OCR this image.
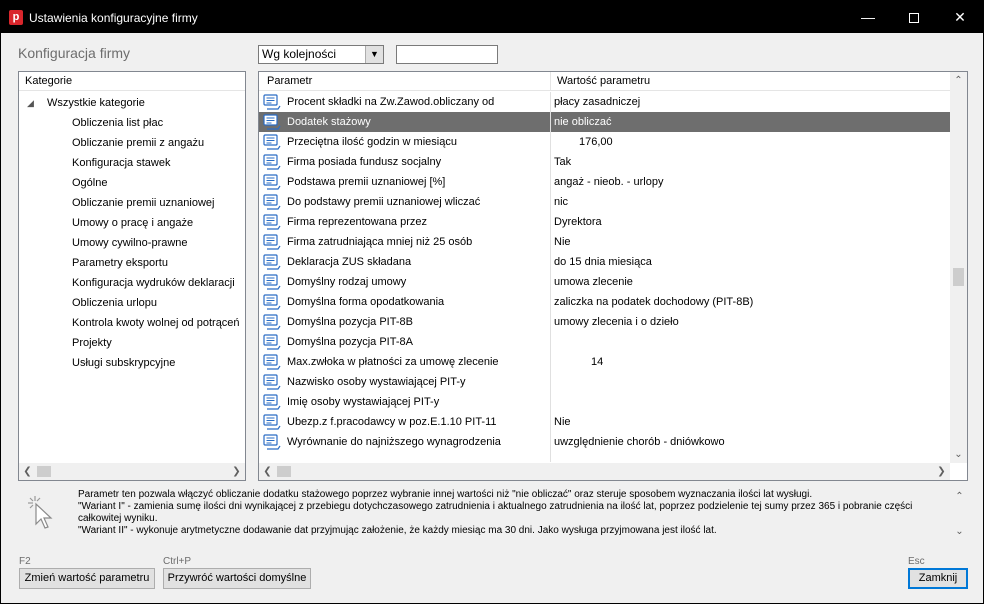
p Ustawienia konfiguracyjne firmy	—	✕
Konfiguracja firmy	Wg kolejności	▼
Kategorie
◢ Wszystkie kategorie
Obliczenia list płac
Obliczanie premii z angażu
Konfiguracja stawek
Ogólne
Obliczanie premii uznaniowej
Umowy o pracę i angaże
Umowy cywilno-prawne
Parametry eksportu
Konfiguracja wydruków deklaracji
Obliczenia urlopu
Kontrola kwoty wolnej od potrąceń
Projekty
Usługi subskrypcyjne
❮	❯
Parametr	Wartość parametru
Procent składki na Zw.Zawod.obliczany od	płacy zasadniczej
Dodatek stażowy	nie obliczać
Przeciętna ilość godzin w miesiącu	176,00
Firma posiada fundusz socjalny	Tak
Podstawa premii uznaniowej [%]	angaż - nieob. - urlopy
Do podstawy premii uznaniowej wliczać	nic
Firma reprezentowana przez	Dyrektora
Firma zatrudniająca mniej niż 25 osób	Nie
Deklaracja ZUS składana	do 15 dnia miesiąca
Domyślny rodzaj umowy	umowa zlecenie
Domyślna forma opodatkowania	zaliczka na podatek dochodowy (PIT-8B)
Domyślna pozycja PIT-8B	umowy zlecenia i o dzieło
Domyślna pozycja PIT-8A
Max.zwłoka w płatności za umowę zlecenie	14
Nazwisko osoby wystawiającej PIT-y
Imię osoby wystawiającej PIT-y
Ubezp.z f.pracodawcy w poz.E.1.10 PIT-11	Nie
Wyrównanie do najniższego wynagrodzenia	uwzględnienie chorób - dniówkowo
⌃
⌄
❮	❯
Parametr ten pozwala włączyć obliczanie dodatku stażowego poprzez wybranie innej wartości niż "nie obliczać" oraz steruje sposobem wyznaczania ilości lat wysługi.
"Wariant I" - zamienia sumę ilości dni wynikającej z przebiegu dotychczasowego zatrudnienia i aktualnego zatrudnienia na ilość lat, poprzez podzielenie tej sumy przez 365 i pobranie części całkowitej wyniku.
"Wariant II" - wykonuje arytmetyczne dodawanie dat przyjmując założenie, że każdy miesiąc ma 30 dni. Jako wysługa przyjmowana jest ilość lat.
⌃
⌄
F2
Zmień wartość parametru
Ctrl+P
Przywróć wartości domyślne
Esc
Zamknij
